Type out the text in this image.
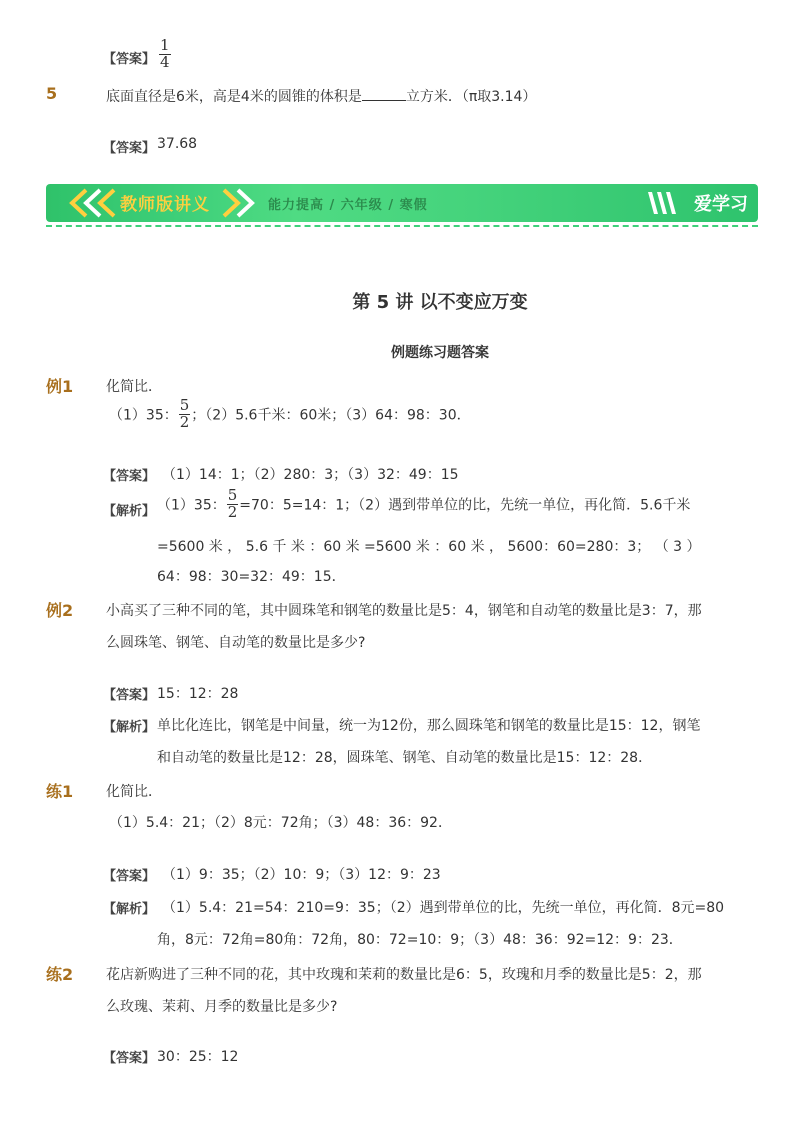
【答案】 $\frac{1}{4}$
5	底面直径是6米，高是4米的圆锥的体积是	立方米．（π取3.14）
【答案】 37.68
教师版讲义	能力提高 / 六年级 / 寒假	爱学习
第 5 讲 以不变应万变
例题练习题答案
例1 化简比．
（1）35： $\frac{5}{2}$ ；（2）5.6千米：60米；（3）64：98：30．
【答案】 （1）14：1；（2）280：3；（3）32：49：15
【解析】 （1）35： $\frac{5}{2} =70$：5=14：1；（2）遇到带单位的比，先统一单位，再化简．5.6千米
=5600 米 ， 5.6 千 米 ：60 米 =5600 米 ：60 米 ， 5600：60=280：3； （ 3 ）
64：98：30=32：49：15．
例2 小高买了三种不同的笔，其中圆珠笔和钢笔的数量比是5：4，钢笔和自动笔的数量比是3：7，那
么圆珠笔、钢笔、自动笔的数量比是多少?
【答案】 15：12：28
【解析】 单比化连比，钢笔是中间量，统一为12份，那么圆珠笔和钢笔的数量比是15：12，钢笔
和自动笔的数量比是12：28，圆珠笔、钢笔、自动笔的数量比是15：12：28．
练1 化简比．
（1）5.4：21；（2）8元：72角；（3）48：36：92．
【答案】 （1）9：35；（2）10：9；（3）12：9：23
【解析】 （1）5.4：21=54：210=9：35；（2）遇到带单位的比，先统一单位，再化简．8元=80
角，8元：72角=80角：72角，80：72=10：9；（3）48：36：92=12：9：23．
练2 花店新购进了三种不同的花，其中玫瑰和茉莉的数量比是6：5，玫瑰和月季的数量比是5：2，那
么玫瑰、茉莉、月季的数量比是多少?
【答案】 30：25：12
